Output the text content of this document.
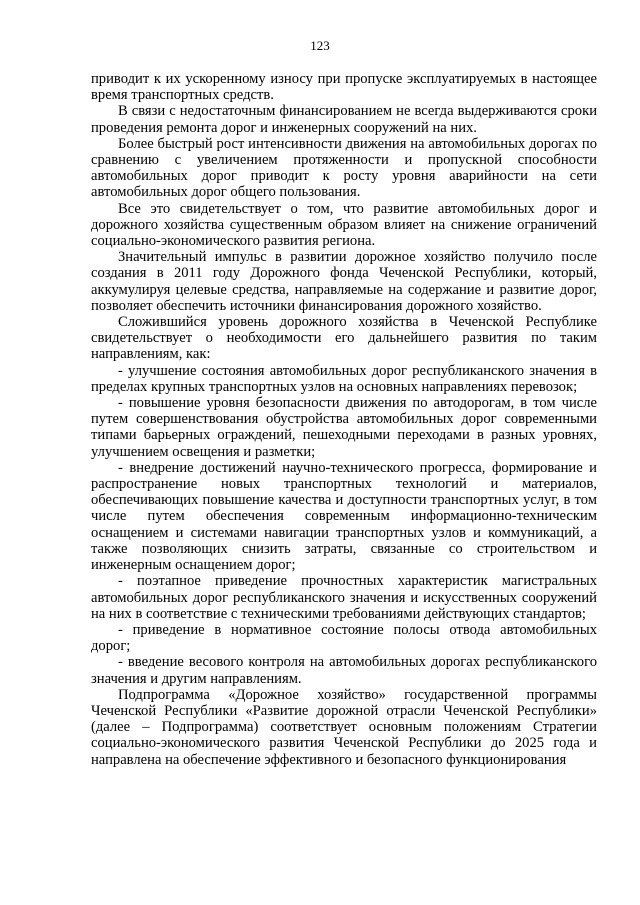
123

приводит к их ускоренному износу при пропуске эксплуатируемых в настоящее время транспортных средств.

В связи с недостаточным финансированием не всегда выдерживаются сроки проведения ремонта дорог и инженерных сооружений на них.

Более быстрый рост интенсивности движения на автомобильных дорогах по сравнению с увеличением протяженности и пропускной способности автомобильных дорог приводит к росту уровня аварийности на сети автомобильных дорог общего пользования.

Все это свидетельствует о том, что развитие автомобильных дорог и дорожного хозяйства существенным образом влияет на снижение ограничений социально-экономического развития региона.

Значительный импульс в развитии дорожное хозяйство получило после создания в 2011 году Дорожного фонда Чеченской Республики, который, аккумулируя целевые средства, направляемые на содержание и развитие дорог, позволяет обеспечить источники финансирования дорожного хозяйство.

Сложившийся уровень дорожного хозяйства в Чеченской Республике свидетельствует о необходимости его дальнейшего развития по таким направлениям, как:

- улучшение состояния автомобильных дорог республиканского значения в пределах крупных транспортных узлов на основных направлениях перевозок;

- повышение уровня безопасности движения по автодорогам, в том числе путем совершенствования обустройства автомобильных дорог современными типами барьерных ограждений, пешеходными переходами в разных уровнях, улучшением освещения и разметки;

- внедрение достижений научно-технического прогресса, формирование и распространение новых транспортных технологий и материалов, обеспечивающих повышение качества и доступности транспортных услуг, в том числе путем обеспечения современным информационно-техническим оснащением и системами навигации транспортных узлов и коммуникаций, а также позволяющих снизить затраты, связанные со строительством и инженерным оснащением дорог;

- поэтапное приведение прочностных характеристик магистральных автомобильных дорог республиканского значения и искусственных сооружений на них в соответствие с техническими требованиями действующих стандартов;

- приведение в нормативное состояние полосы отвода автомобильных дорог;

- введение весового контроля на автомобильных дорогах республиканского значения и другим направлениям.

Подпрограмма «Дорожное хозяйство» государственной программы Чеченской Республики «Развитие дорожной отрасли Чеченской Республики» (далее – Подпрограмма) соответствует основным положениям Стратегии социально-экономического развития Чеченской Республики до 2025 года и направлена на обеспечение эффективного и безопасного функционирования
